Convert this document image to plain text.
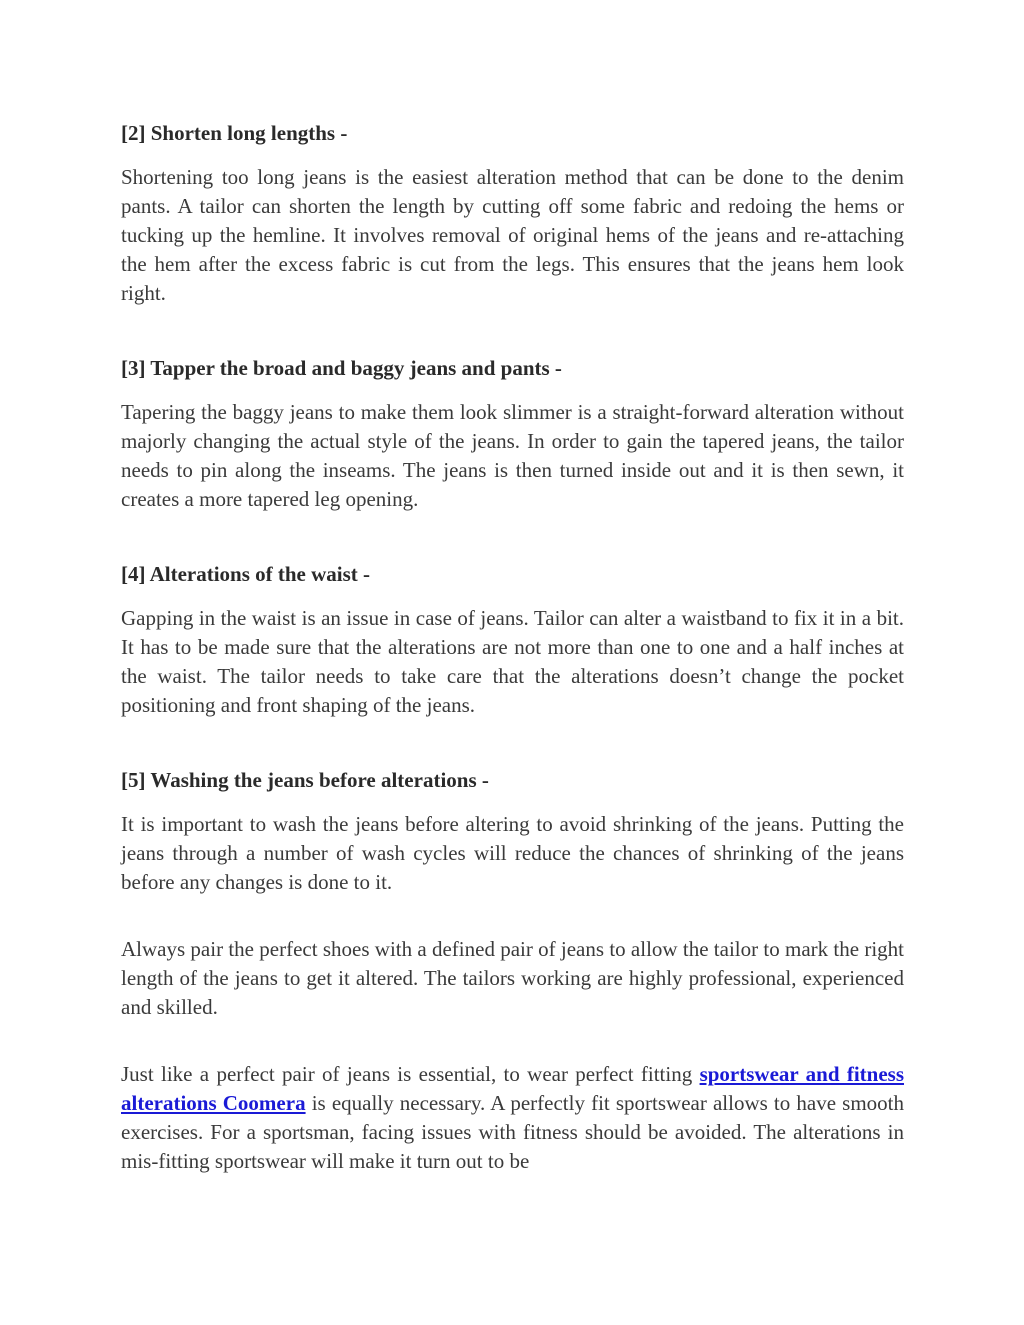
[2] Shorten long lengths -

Shortening too long jeans is the easiest alteration method that can be done to the denim pants. A tailor can shorten the length by cutting off some fabric and redoing the hems or tucking up the hemline. It involves removal of original hems of the jeans and re-attaching the hem after the excess fabric is cut from the legs. This ensures that the jeans hem look right.

[3] Tapper the broad and baggy jeans and pants -

Tapering the baggy jeans to make them look slimmer is a straight-forward alteration without majorly changing the actual style of the jeans. In order to gain the tapered jeans, the tailor needs to pin along the inseams. The jeans is then turned inside out and it is then sewn, it creates a more tapered leg opening.

[4] Alterations of the waist -

Gapping in the waist is an issue in case of jeans. Tailor can alter a waistband to fix it in a bit. It has to be made sure that the alterations are not more than one to one and a half inches at the waist. The tailor needs to take care that the alterations doesn’t change the pocket positioning and front shaping of the jeans.

[5] Washing the jeans before alterations -

It is important to wash the jeans before altering to avoid shrinking of the jeans. Putting the jeans through a number of wash cycles will reduce the chances of shrinking of the jeans before any changes is done to it.

Always pair the perfect shoes with a defined pair of jeans to allow the tailor to mark the right length of the jeans to get it altered. The tailors working are highly professional, experienced and skilled.

Just like a perfect pair of jeans is essential, to wear perfect fitting sportswear and fitness alterations Coomera is equally necessary. A perfectly fit sportswear allows to have smooth exercises. For a sportsman, facing issues with fitness should be avoided. The alterations in mis-fitting sportswear will make it turn out to be
